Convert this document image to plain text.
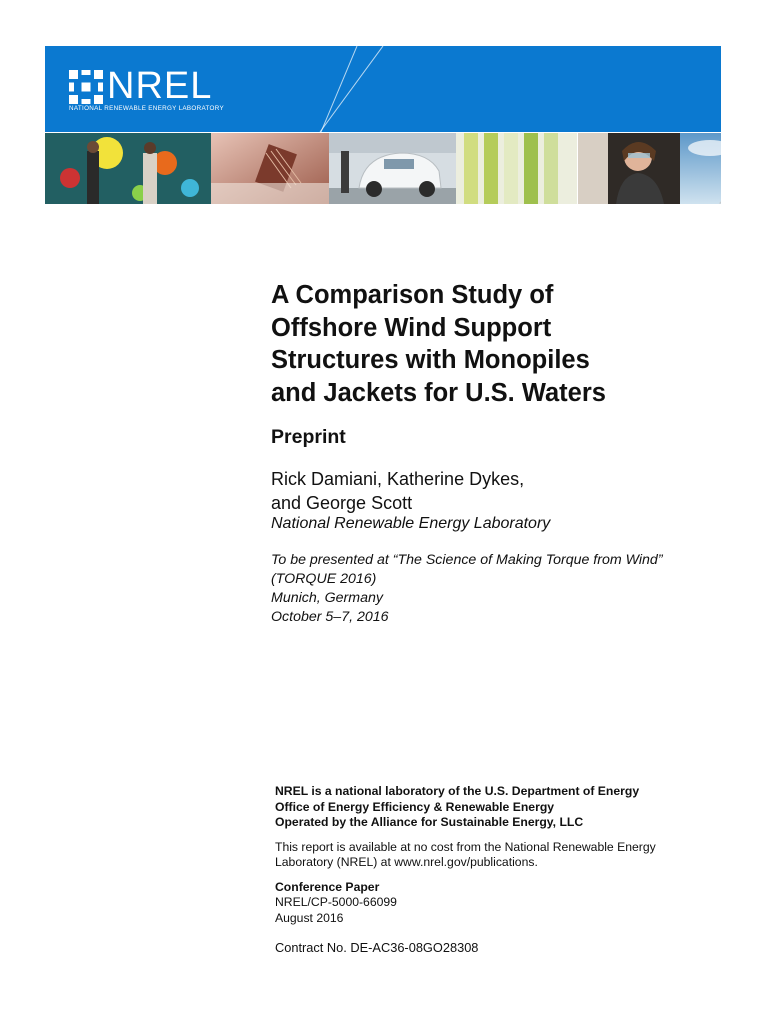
NREL
NATIONAL RENEWABLE ENERGY LABORATORY
A Comparison Study of
Offshore Wind Support
Structures with Monopiles
and Jackets for U.S. Waters
Preprint
Rick Damiani, Katherine Dykes,
and George Scott
National Renewable Energy Laboratory
To be presented at “The Science of Making Torque from Wind”
(TORQUE 2016)
Munich, Germany
October 5–7, 2016

NREL is a national laboratory of the U.S. Department of Energy

Office of Energy Efficiency & Renewable Energy

Operated by the Alliance for Sustainable Energy, LLC

This report is available at no cost from the National Renewable Energy

Laboratory (NREL) at www.nrel.gov/publications.

Conference Paper

NREL/CP-5000-66099

August 2016

Contract No. DE-AC36-08GO28308
